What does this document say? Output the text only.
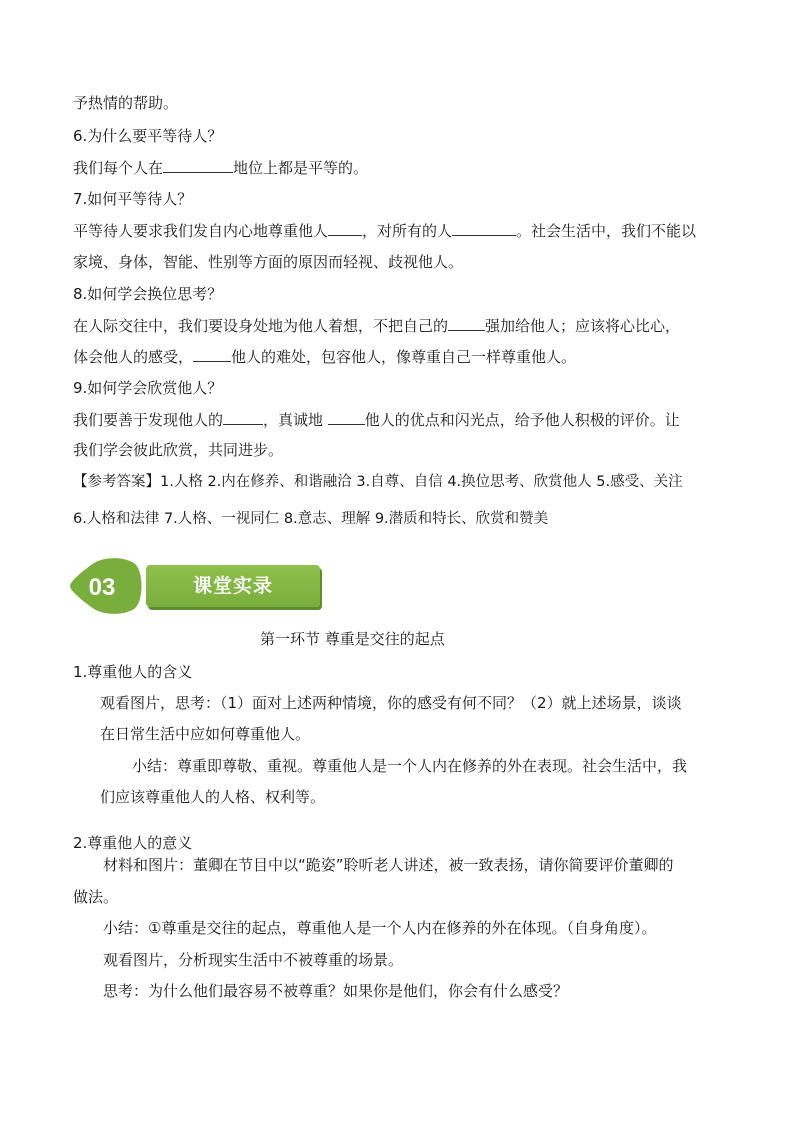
予热情的帮助。
6.为什么要平等待人？
我们每个人在	地位上都是平等的。
7.如何平等待人？
平等待人要求我们发自内心地尊重他人 ，对所有的人	。社会生活中，我们不能以
家境、身体，智能、性别等方面的原因而轻视、歧视他人。
8.如何学会换位思考？
在人际交往中，我们要设身处地为他人着想，不把自己的 强加给他人；应该将心比心，
体会他人的感受，	他人的难处，包容他人，像尊重自己一样尊重他人。
9.如何学会欣赏他人？
我们要善于发现他人的	，真诚地 他人的优点和闪光点，给予他人积极的评价。让
我们学会彼此欣赏，共同进步。
【参考答案】1.人格 2.内在修养、和谐融洽 3.自尊、自信 4.换位思考、欣赏他人 5.感受、关注
6.人格和法律 7.人格、一视同仁 8.意志、理解 9.潜质和特长、欣赏和赞美
03	课堂实录
第一环节 尊重是交往的起点
1.尊重他人的含义
观看图片，思考：（1）面对上述两种情境，你的感受有何不同？（2）就上述场景，谈谈
在日常生活中应如何尊重他人。
小结：尊重即尊敬、重视。尊重他人是一个人内在修养的外在表现。社会生活中，我
们应该尊重他人的人格、权利等。
2.尊重他人的意义
材料和图片：董卿在节目中以“跪姿”聆听老人讲述，被一致表扬，请你简要评价董卿的
做法。
小结：①尊重是交往的起点，尊重他人是一个人内在修养的外在体现。（自身角度）。
观看图片，分析现实生活中不被尊重的场景。
思考：为什么他们最容易不被尊重？如果你是他们，你会有什么感受？
